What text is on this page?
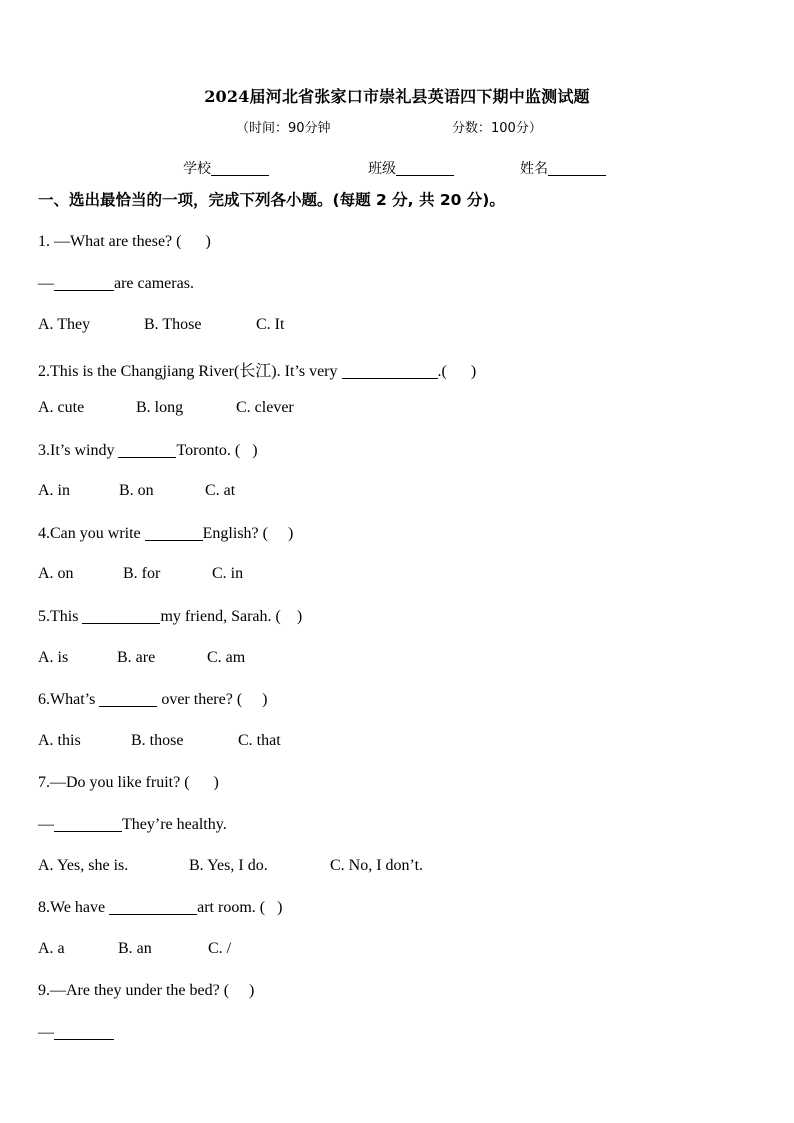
2024届河北省张家口市崇礼县英语四下期中监测试题
（时间：90分钟	分数：100分）
学校	班级	姓名
一、选出最恰当的一项，完成下列各小题。(每题 2 分, 共 20 分)。
1. —What are these? ( )
—	are cameras.
A. They	B. Those	C. It
2.This is the Changjiang River(长江). It’s very	.( )
A. cute	B. long	C. clever
3.It’s windy	Toronto. ( )
A. in	B. on	C. at
4.Can you write	English? ( )
A. on	B. for	C. in
5.This	my friend, Sarah. ( )
A. is	B. are	C. am
6.What’s	over there? ( )
A. this	B. those	C. that
7.—Do you like fruit? ( )
—	They’re healthy.
A. Yes, she is.	B. Yes, I do.	C. No, I don’t.
8.We have	art room. ( )
A. a	B. an	C. /
9.—Are they under the bed? ( )
—
